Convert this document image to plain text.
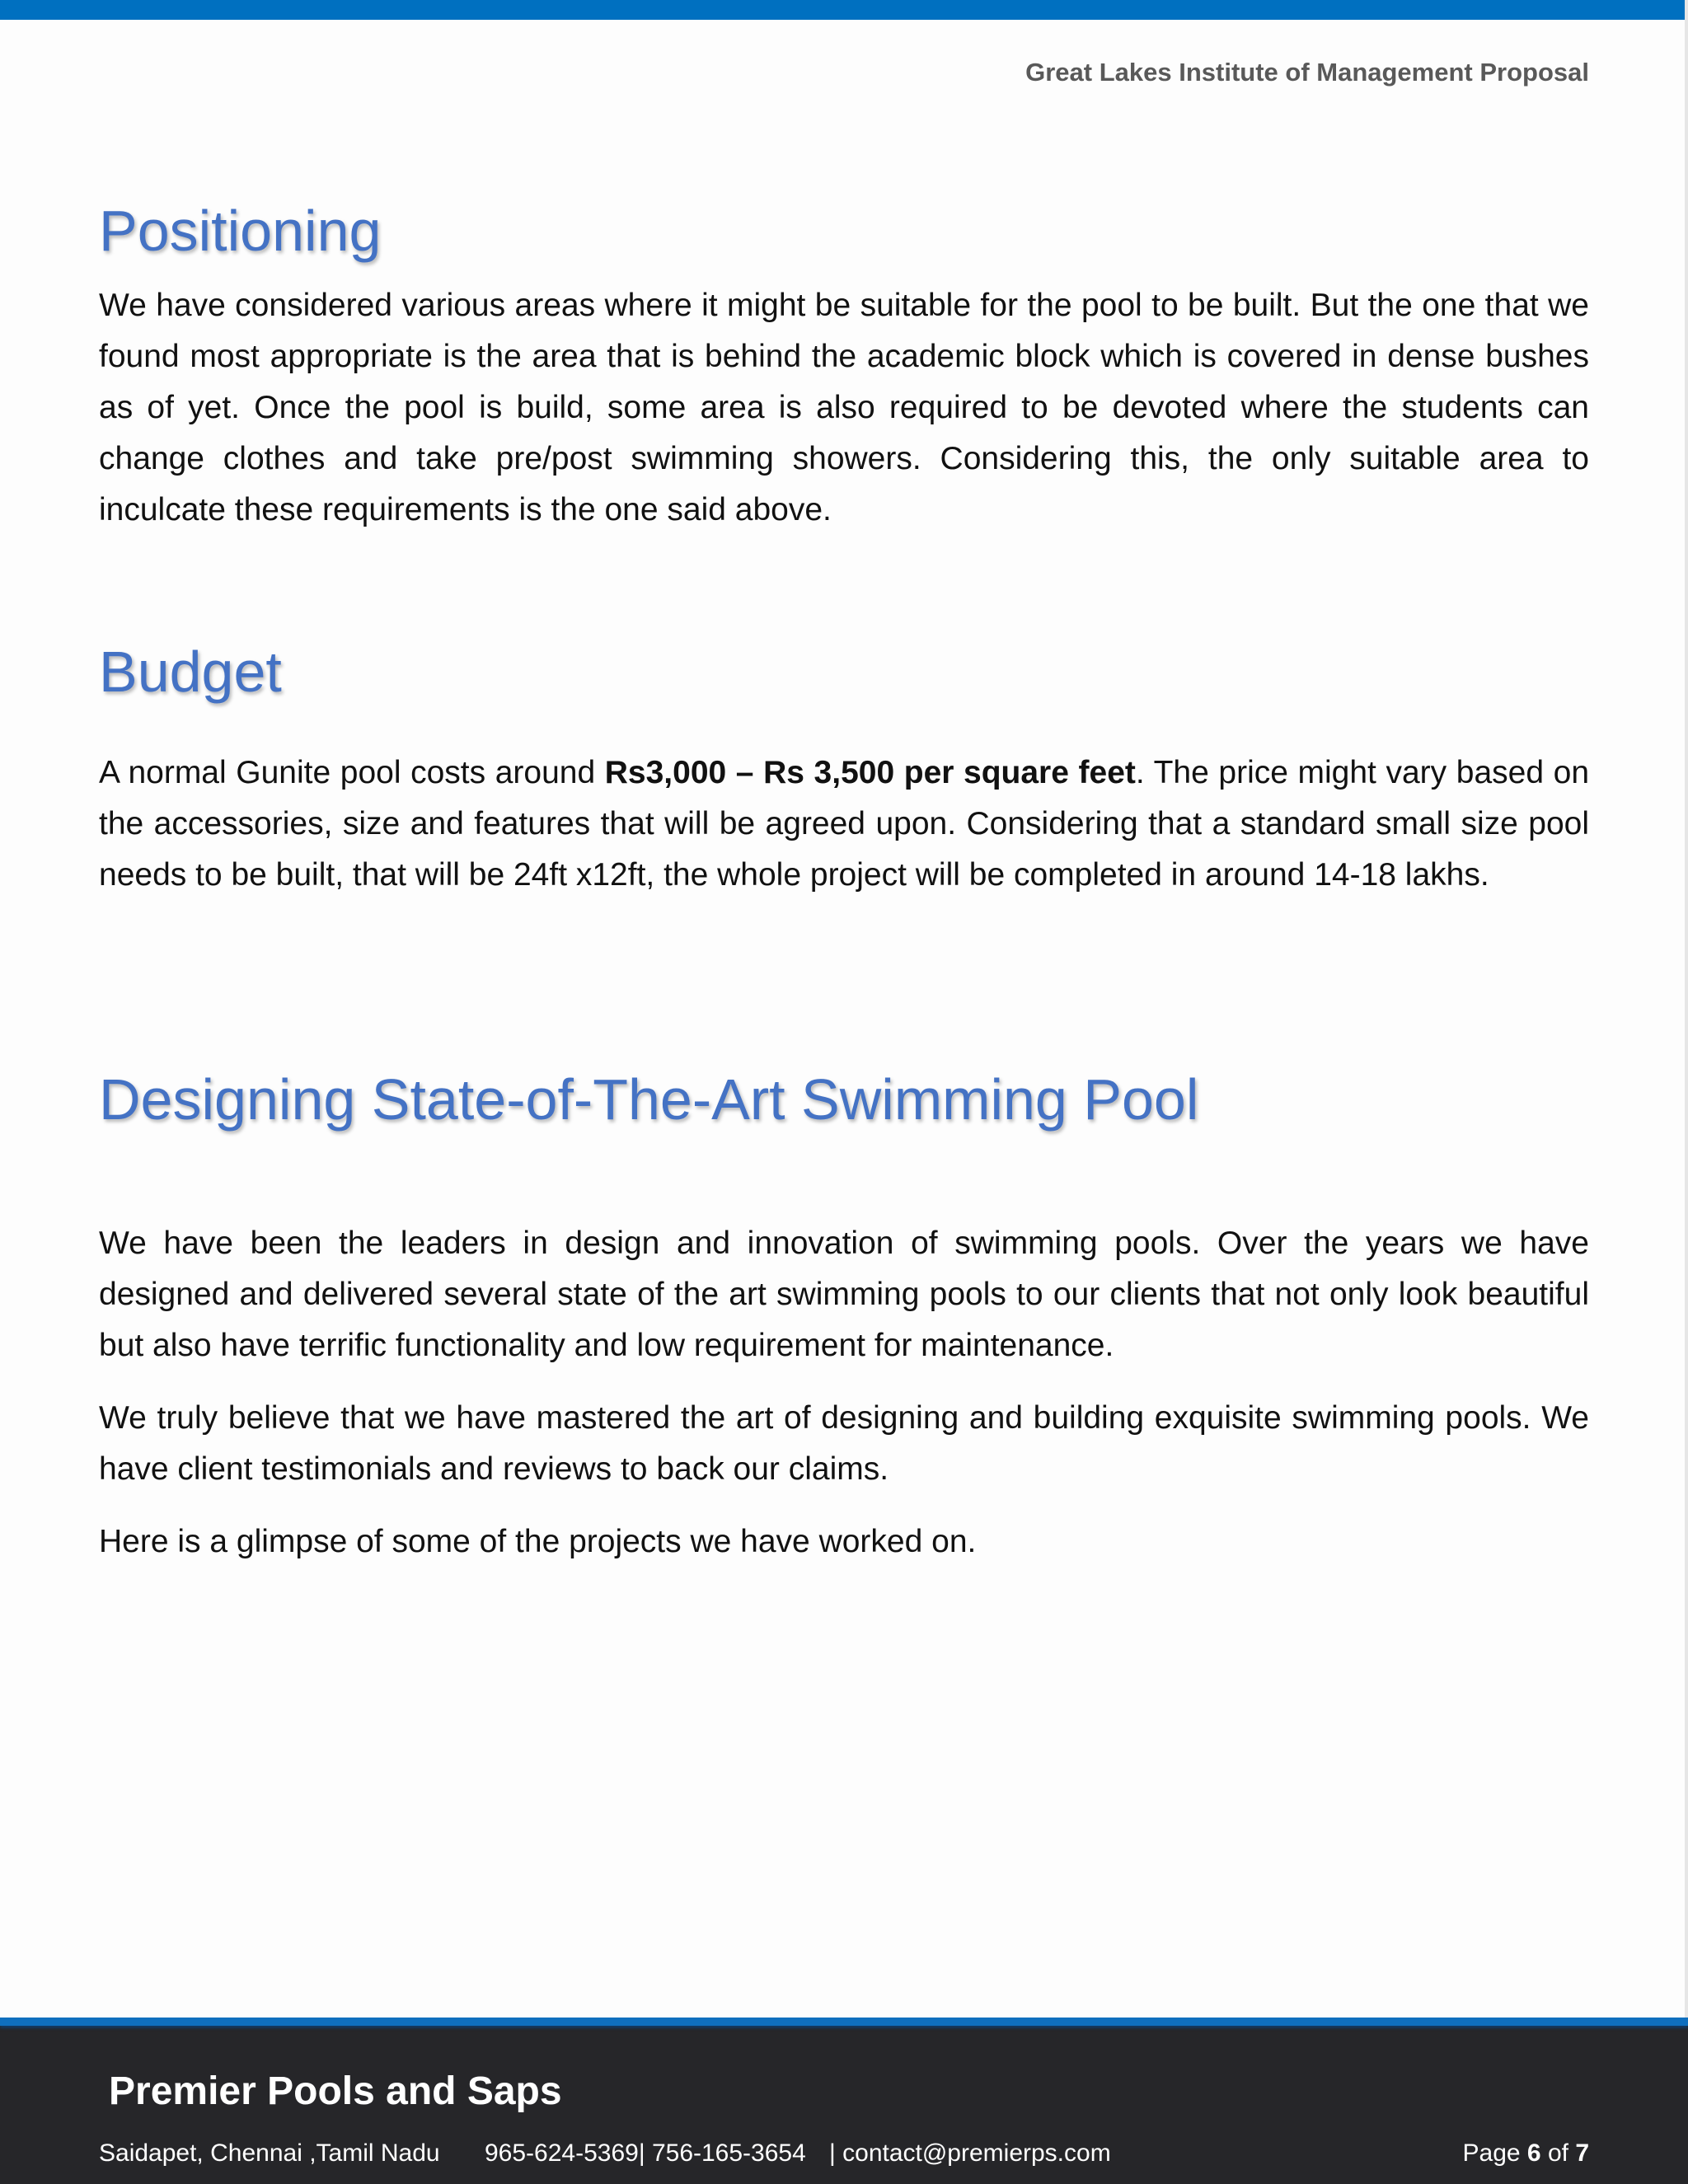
Great Lakes Institute of Management Proposal
Positioning

We have considered various areas where it might be suitable for the pool to be built. But the one that we found most appropriate is the area that is behind the academic block which is covered in dense bushes as of yet. Once the pool is build, some area is also required to be devoted where the students can change clothes and take pre/post swimming showers. Considering this, the only suitable area to inculcate these requirements is the one said above.

Budget

A normal Gunite pool costs around Rs3,000 – Rs 3,500 per square feet. The price might vary based on the accessories, size and features that will be agreed upon. Considering that a standard small size pool needs to be built, that will be 24ft x12ft, the whole project will be completed in around 14-18 lakhs.

Designing State-of-The-Art Swimming Pool

We have been the leaders in design and innovation of swimming pools. Over the years we have designed and delivered several state of the art swimming pools to our clients that not only look beautiful but also have terrific functionality and low requirement for maintenance.

We truly believe that we have mastered the art of designing and building exquisite swimming pools. We have client testimonials and reviews to back our claims.

Here is a glimpse of some of the projects we have worked on.

Premier Pools and Saps
Saidapet, Chennai ,Tamil Nadu 965-624-5369| 756-165-3654 | contact@premierps.com	Page 6 of 7
